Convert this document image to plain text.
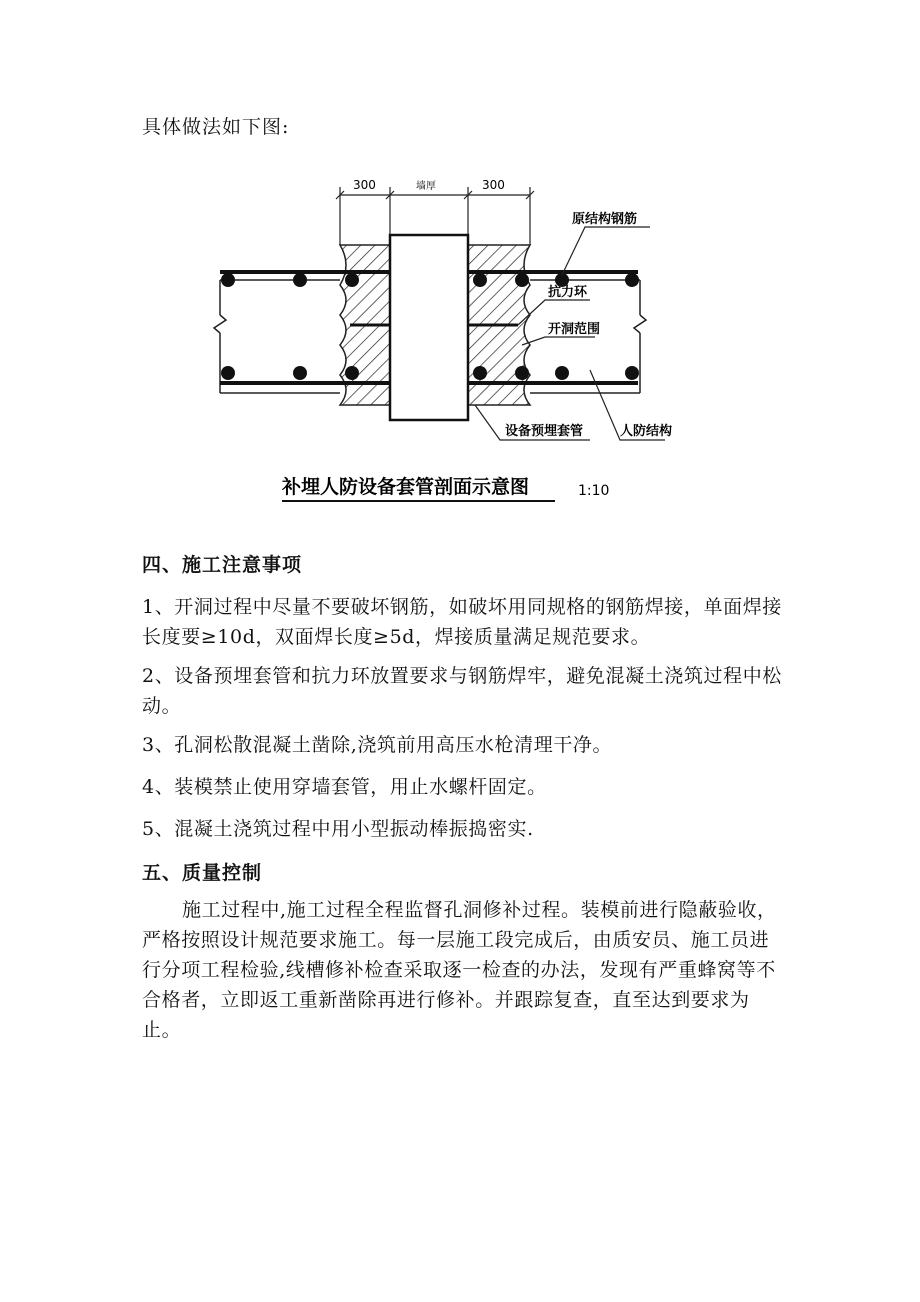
具体做法如下图:
300	墙厚	300
原结构钢筋
抗力环
开洞范围
设备预埋套管	人防结构
补埋人防设备套管剖面示意图	1:10
四、施工注意事项

1、开洞过程中尽量不要破坏钢筋，如破坏用同规格的钢筋焊接，单面焊接长度要≥10d，双面焊长度≥5d，焊接质量满足规范要求。

2、设备预埋套管和抗力环放置要求与钢筋焊牢，避免混凝土浇筑过程中松动。

3、孔洞松散混凝土凿除,浇筑前用高压水枪清理干净。

4、装模禁止使用穿墙套管，用止水螺杆固定。

5、混凝土浇筑过程中用小型振动棒振捣密实.

五、质量控制

施工过程中,施工过程全程监督孔洞修补过程。装模前进行隐蔽验收，严格按照设计规范要求施工。每一层施工段完成后，由质安员、施工员进行分项工程检验,线槽修补检查采取逐一检查的办法，发现有严重蜂窝等不合格者，立即返工重新凿除再进行修补。并跟踪复查，直至达到要求为止。
